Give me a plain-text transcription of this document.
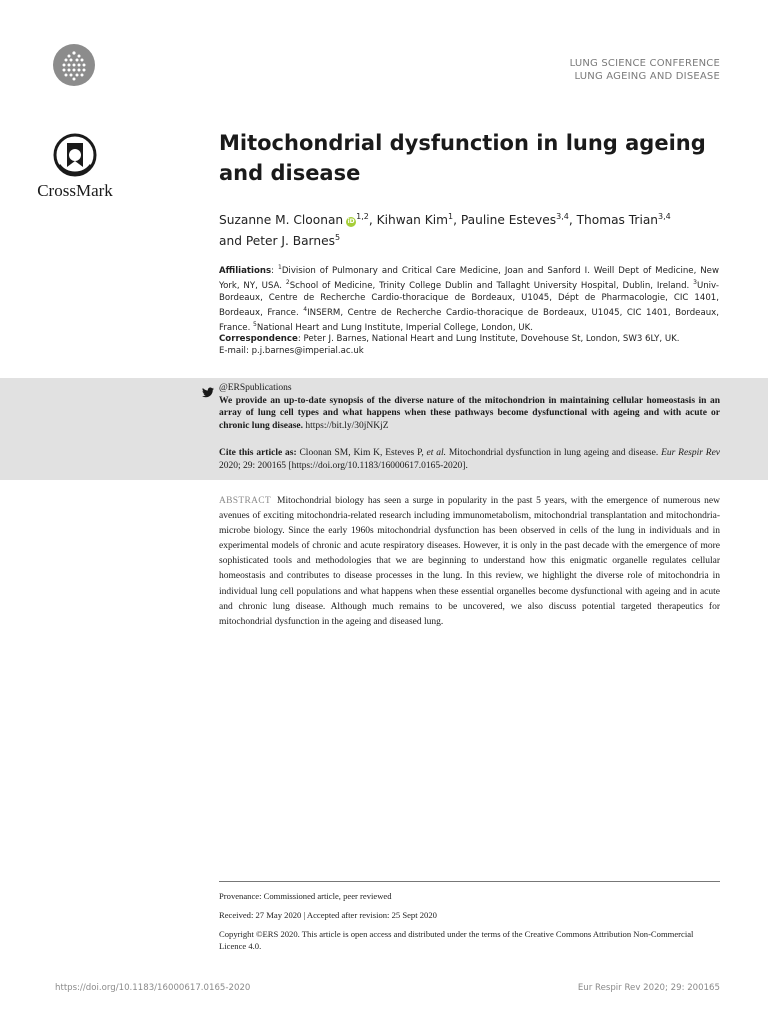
LUNG SCIENCE CONFERENCE
LUNG AGEING AND DISEASE
CrossMark
Mitochondrial dysfunction in lung ageing and disease
Suzanne M. Cloonan iD$^{1,2}$, Kihwan Kim$^1$, Pauline Esteves$^{3,4}$, Thomas Trian$^{3,4}$
and Peter J. Barnes$^5$
Affiliations: $^1$Division of Pulmonary and Critical Care Medicine, Joan and Sanford I. Weill Dept of Medicine, New York, NY, USA. $^2$School of Medicine, Trinity College Dublin and Tallaght University Hospital, Dublin, Ireland. $^3$Univ-Bordeaux, Centre de Recherche Cardio-thoracique de Bordeaux, U1045, Dépt de Pharmacologie, CIC 1401, Bordeaux, France. $^4$INSERM, Centre de Recherche Cardio-thoracique de Bordeaux, U1045, CIC 1401, Bordeaux, France. $^5$National Heart and Lung Institute, Imperial College, London, UK.
Correspondence: Peter J. Barnes, National Heart and Lung Institute, Dovehouse St, London, SW3 6LY, UK.
E-mail: p.j.barnes@imperial.ac.uk
@ERSpublications
We provide an up-to-date synopsis of the diverse nature of the mitochondrion in maintaining cellular homeostasis in an array of lung cell types and what happens when these pathways become dysfunctional with ageing and with acute or chronic lung disease. https://bit.ly/30jNKjZ
Cite this article as: Cloonan SM, Kim K, Esteves P, et al. Mitochondrial dysfunction in lung ageing and disease. Eur Respir Rev 2020; 29: 200165 [https://doi.org/10.1183/16000617.0165-2020].
ABSTRACT Mitochondrial biology has seen a surge in popularity in the past 5 years, with the emergence of numerous new avenues of exciting mitochondria-related research including immunometabolism, mitochondrial transplantation and mitochondria-microbe biology. Since the early 1960s mitochondrial dysfunction has been observed in cells of the lung in individuals and in experimental models of chronic and acute respiratory diseases. However, it is only in the past decade with the emergence of more sophisticated tools and methodologies that we are beginning to understand how this enigmatic organelle regulates cellular homeostasis and contributes to disease processes in the lung. In this review, we highlight the diverse role of mitochondria in individual lung cell populations and what happens when these essential organelles become dysfunctional with ageing and in acute and chronic lung disease. Although much remains to be uncovered, we also discuss potential targeted therapeutics for mitochondrial dysfunction in the ageing and diseased lung.

Provenance: Commissioned article, peer reviewed

Received: 27 May 2020 | Accepted after revision: 25 Sept 2020

Copyright ©ERS 2020. This article is open access and distributed under the terms of the Creative Commons Attribution Non-Commercial Licence 4.0.

https://doi.org/10.1183/16000617.0165-2020	Eur Respir Rev 2020; 29: 200165
